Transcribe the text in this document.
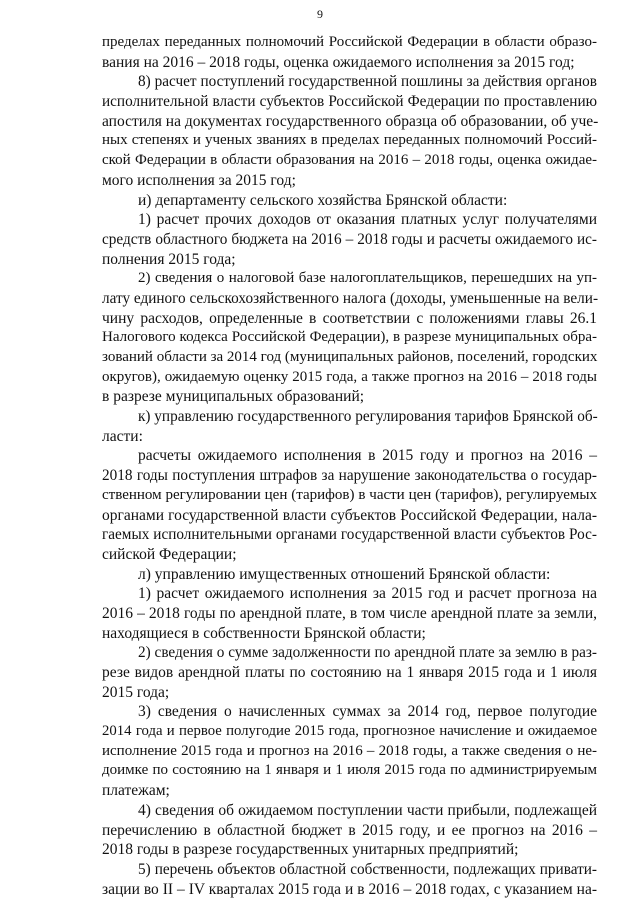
9
пределах переданных полномочий Российской Федерации в области образо-
вания на 2016 – 2018 годы, оценка ожидаемого исполнения за 2015 год;
8) расчет поступлений государственной пошлины за действия органов
исполнительной власти субъектов Российской Федерации по проставлению
апостиля на документах государственного образца об образовании, об уче-
ных степенях и ученых званиях в пределах переданных полномочий Россий-
ской Федерации в области образования на 2016 – 2018 годы, оценка ожидае-
мого исполнения за 2015 год;
и) департаменту сельского хозяйства Брянской области:
1) расчет прочих доходов от оказания платных услуг получателями
средств областного бюджета на 2016 – 2018 годы и расчеты ожидаемого ис-
полнения 2015 года;
2) сведения о налоговой базе налогоплательщиков, перешедших на уп-
лату единого сельскохозяйственного налога (доходы, уменьшенные на вели-
чину расходов, определенные в соответствии с положениями главы 26.1
Налогового кодекса Российской Федерации), в разрезе муниципальных обра-
зований области за 2014 год (муниципальных районов, поселений, городских
округов), ожидаемую оценку 2015 года, а также прогноз на 2016 – 2018 годы
в разрезе муниципальных образований;
к) управлению государственного регулирования тарифов Брянской об-
ласти:
расчеты ожидаемого исполнения в 2015 году и прогноз на 2016 –
2018 годы поступления штрафов за нарушение законодательства о государ-
ственном регулировании цен (тарифов) в части цен (тарифов), регулируемых
органами государственной власти субъектов Российской Федерации, нала-
гаемых исполнительными органами государственной власти субъектов Рос-
сийской Федерации;
л) управлению имущественных отношений Брянской области:
1) расчет ожидаемого исполнения за 2015 год и расчет прогноза на
2016 – 2018 годы по арендной плате, в том числе арендной плате за земли,
находящиеся в собственности Брянской области;
2) сведения о сумме задолженности по арендной плате за землю в раз-
резе видов арендной платы по состоянию на 1 января 2015 года и 1 июля
2015 года;
3) сведения о начисленных суммах за 2014 год, первое полугодие
2014 года и первое полугодие 2015 года, прогнозное начисление и ожидаемое
исполнение 2015 года и прогноз на 2016 – 2018 годы, а также сведения о не-
доимке по состоянию на 1 января и 1 июля 2015 года по администрируемым
платежам;
4) сведения об ожидаемом поступлении части прибыли, подлежащей
перечислению в областной бюджет в 2015 году, и ее прогноз на 2016 –
2018 годы в разрезе государственных унитарных предприятий;
5) перечень объектов областной собственности, подлежащих привати-
зации во II – IV кварталах 2015 года и в 2016 – 2018 годах, с указанием на-
